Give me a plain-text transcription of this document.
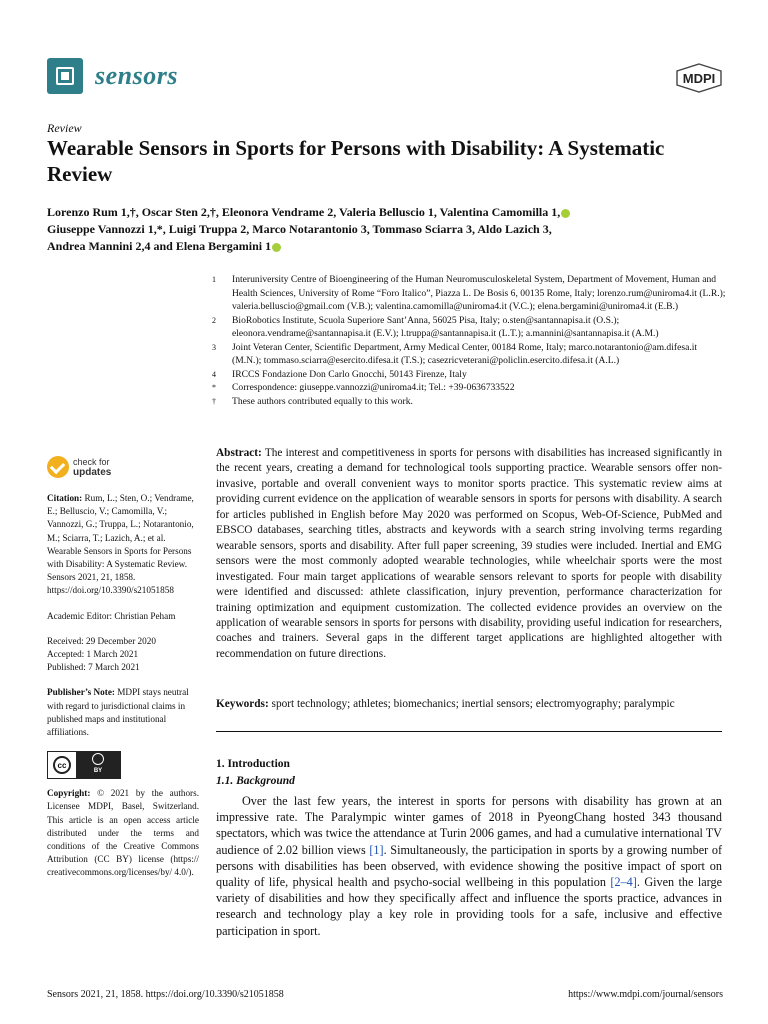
sensors	MDPI
Review
Wearable Sensors in Sports for Persons with Disability: A Systematic Review
Lorenzo Rum 1,†, Oscar Sten 2,†, Eleonora Vendrame 2, Valeria Belluscio 1, Valentina Camomilla 1,
Giuseppe Vannozzi 1,*, Luigi Truppa 2, Marco Notarantonio 3, Tommaso Sciarra 3, Aldo Lazich 3,
Andrea Mannini 2,4 and Elena Bergamini 1
1 Interuniversity Centre of Bioengineering of the Human Neuromusculoskeletal System, Department of Movement, Human and Health Sciences, University of Rome “Foro Italico”, Piazza L. De Bosis 6, 00135 Rome, Italy; lorenzo.rum@uniroma4.it (L.R.); valeria.belluscio@gmail.com (V.B.); valentina.camomilla@uniroma4.it (V.C.); elena.bergamini@uniroma4.it (E.B.)
2 BioRobotics Institute, Scuola Superiore Sant’Anna, 56025 Pisa, Italy; o.sten@santannapisa.it (O.S.); eleonora.vendrame@santannapisa.it (E.V.); l.truppa@santannapisa.it (L.T.); a.mannini@santannapisa.it (A.M.)
3 Joint Veteran Center, Scientific Department, Army Medical Center, 00184 Rome, Italy; marco.notarantonio@am.difesa.it (M.N.); tommaso.sciarra@esercito.difesa.it (T.S.); casezricveterani@policlin.esercito.difesa.it (A.L.)
4 IRCCS Fondazione Don Carlo Gnocchi, 50143 Firenze, Italy
* Correspondence: giuseppe.vannozzi@uniroma4.it; Tel.: +39-0636733522
† These authors contributed equally to this work.
check for
updates
Citation: Rum, L.; Sten, O.; Vendrame, E.; Belluscio, V.; Camomilla, V.; Vannozzi, G.; Truppa, L.; Notarantonio, M.; Sciarra, T.; Lazich, A.; et al. Wearable Sensors in Sports for Persons with Disability: A Systematic Review. Sensors 2021, 21, 1858. https://doi.org/10.3390/s21051858
Academic Editor: Christian Peham
Received: 29 December 2020
Accepted: 1 March 2021
Published: 7 March 2021
Publisher’s Note: MDPI stays neutral with regard to jurisdictional claims in published maps and institutional affiliations.
cc
BY
Copyright: © 2021 by the authors. Licensee MDPI, Basel, Switzerland. This article is an open access article distributed under the terms and conditions of the Creative Commons Attribution (CC BY) license (https:// creativecommons.org/licenses/by/ 4.0/).

Abstract: The interest and competitiveness in sports for persons with disabilities has increased significantly in the recent years, creating a demand for technological tools supporting practice. Wearable sensors offer non-invasive, portable and overall convenient ways to monitor sports practice. This systematic review aims at providing current evidence on the application of wearable sensors in sports for persons with disability. A search for articles published in English before May 2020 was performed on Scopus, Web-Of-Science, PubMed and EBSCO databases, searching titles, abstracts and keywords with a search string involving terms regarding wearable sensors, sports and disability. After full paper screening, 39 studies were included. Inertial and EMG sensors were the most commonly adopted wearable technologies, while wheelchair sports were the most investigated. Four main target applications of wearable sensors relevant to sports for people with disability were identified and discussed: athlete classification, injury prevention, performance characterization for training optimization and equipment customization. The collected evidence provides an overview on the application of wearable sensors in sports for persons with disability, providing useful indication for researchers, coaches and trainers. Several gaps in the different target applications are highlighted altogether with recommendation on future directions.

Keywords: sport technology; athletes; biomechanics; inertial sensors; electromyography; paralympic

1. Introduction
1.1. Background

Over the last few years, the interest in sports for persons with disability has grown at an impressive rate. The Paralympic winter games of 2018 in PyeongChang hosted 343 thousand spectators, which was twice the attendance at Turin 2006 games, and had a cumulative international TV audience of 2.02 billion views [1]. Simultaneously, the participation in sports by a growing number of persons with disabilities has been observed, with evidence showing the positive impact of sport on quality of life, physical health and psycho-social wellbeing in this population [2–4]. Given the large variety of disabilities and how they specifically affect and influence the sports practice, advances in research and technology play a key role in providing tools for a safe, inclusive and effective participation in sport.

Sensors 2021, 21, 1858. https://doi.org/10.3390/s21051858	https://www.mdpi.com/journal/sensors
